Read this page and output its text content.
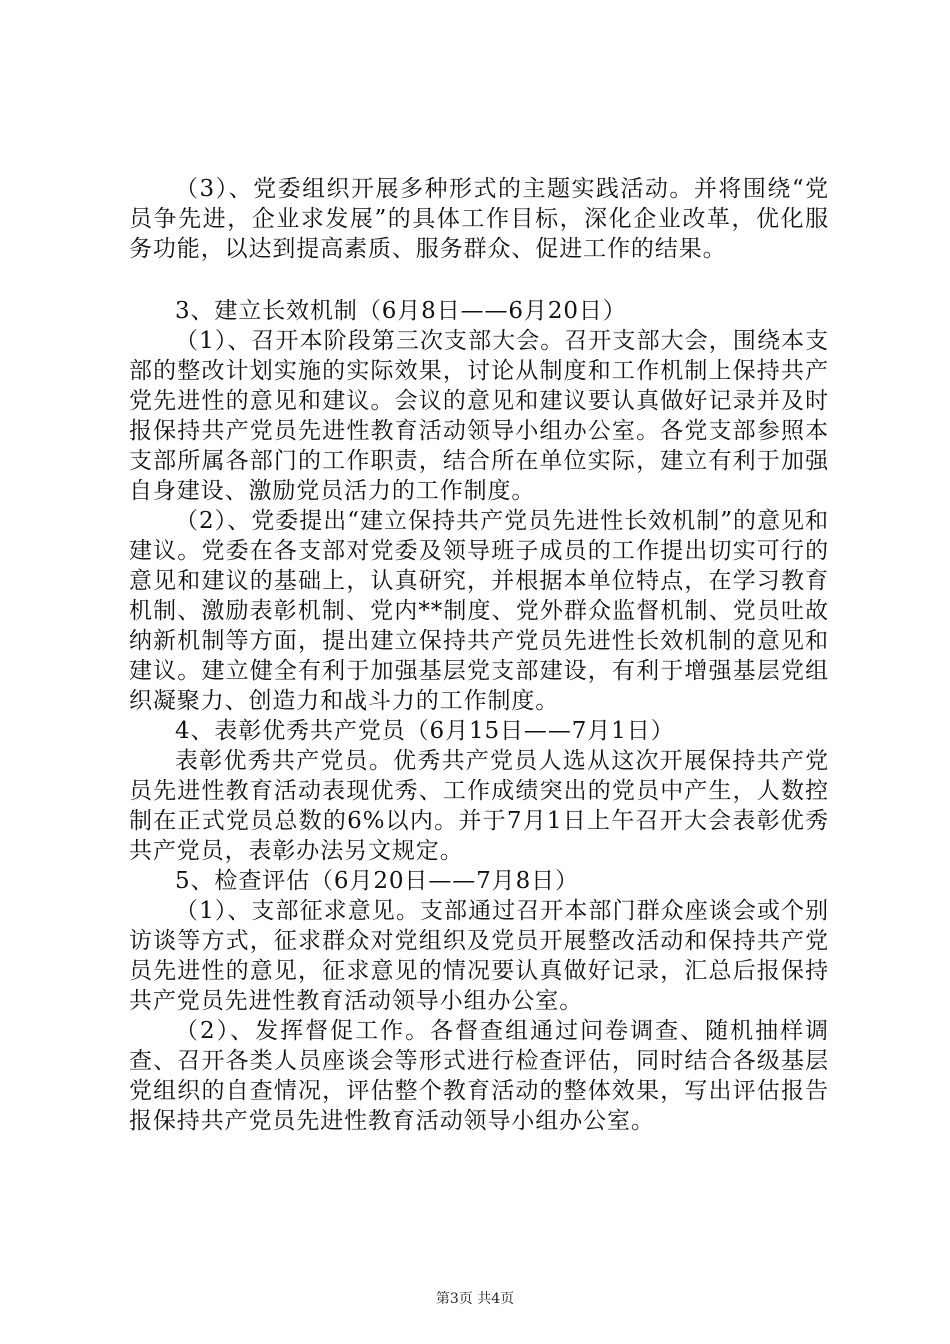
（3）、党委组织开展多种形式的主题实践活动。并将围绕“党员争先进，企业求发展”的具体工作目标，深化企业改革，优化服务功能，以达到提高素质、服务群众、促进工作的结果。

3、建立长效机制（6月8日——6月20日）

（1）、召开本阶段第三次支部大会。召开支部大会，围绕本支部的整改计划实施的实际效果，讨论从制度和工作机制上保持共产党先进性的意见和建议。会议的意见和建议要认真做好记录并及时报保持共产党员先进性教育活动领导小组办公室。各党支部参照本支部所属各部门的工作职责，结合所在单位实际，建立有利于加强自身建设、激励党员活力的工作制度。

（2）、党委提出“建立保持共产党员先进性长效机制”的意见和建议。党委在各支部对党委及领导班子成员的工作提出切实可行的意见和建议的基础上，认真研究，并根据本单位特点，在学习教育机制、激励表彰机制、党内**制度、党外群众监督机制、党员吐故纳新机制等方面，提出建立保持共产党员先进性长效机制的意见和建议。建立健全有利于加强基层党支部建设，有利于增强基层党组织凝聚力、创造力和战斗力的工作制度。

4、表彰优秀共产党员（6月15日——7月1日）

表彰优秀共产党员。优秀共产党员人选从这次开展保持共产党员先进性教育活动表现优秀、工作成绩突出的党员中产生，人数控制在正式党员总数的6%以内。并于7月1日上午召开大会表彰优秀共产党员，表彰办法另文规定。

5、检查评估（6月20日——7月8日）

（1）、支部征求意见。支部通过召开本部门群众座谈会或个别访谈等方式，征求群众对党组织及党员开展整改活动和保持共产党员先进性的意见，征求意见的情况要认真做好记录，汇总后报保持共产党员先进性教育活动领导小组办公室。

（2）、发挥督促工作。各督查组通过问卷调查、随机抽样调查、召开各类人员座谈会等形式进行检查评估，同时结合各级基层党组织的自查情况，评估整个教育活动的整体效果，写出评估报告报保持共产党员先进性教育活动领导小组办公室。

第3页 共4页
